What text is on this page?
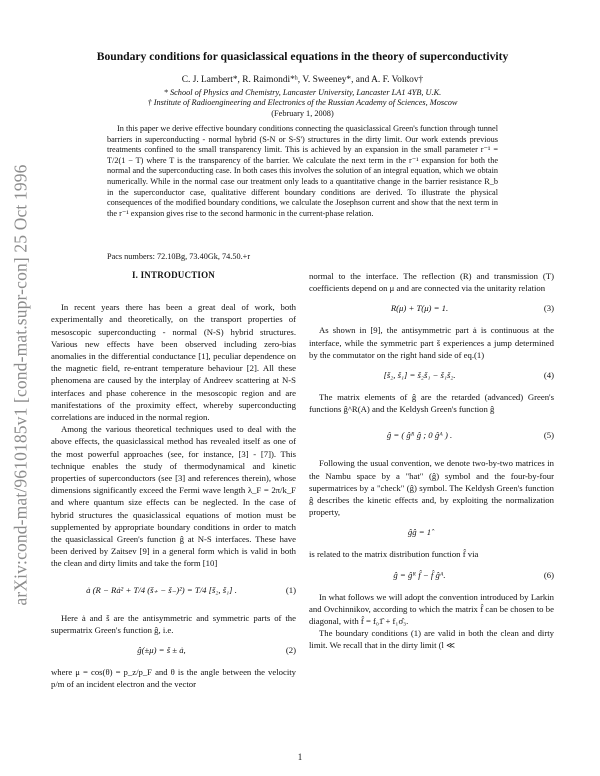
arXiv:cond-mat/9610185v1 [cond-mat.supr-con] 25 Oct 1996
Boundary conditions for quasiclassical equations in the theory of superconductivity
C. J. Lambert*, R. Raimondi*ʰ, V. Sweeney*, and A. F. Volkov†
* School of Physics and Chemistry, Lancaster University, Lancaster LA1 4YB, U.K.
† Institute of Radioengineering and Electronics of the Russian Academy of Sciences, Moscow
(February 1, 2008)

In this paper we derive effective boundary conditions connecting the quasiclassical Green's function through tunnel barriers in superconducting - normal hybrid (S-N or S-S') structures in the dirty limit. Our work extends previous treatments confined to the small transparency limit. This is achieved by an expansion in the small parameter r⁻¹ = T/2(1 − T) where T is the transparency of the barrier. We calculate the next term in the r⁻¹ expansion for both the normal and the superconducting case. In both cases this involves the solution of an integral equation, which we obtain numerically. While in the normal case our treatment only leads to a quantitative change in the barrier resistance R_b in the superconductor case, qualitative different boundary conditions are derived. To illustrate the physical consequences of the modified boundary conditions, we calculate the Josephson current and show that the next term in the r⁻¹ expansion gives rise to the second harmonic in the current-phase relation.

Pacs numbers: 72.10Bg, 73.40Gk, 74.50.+r
I. INTRODUCTION

In recent years there has been a great deal of work, both experimentally and theoretically, on the transport properties of mesoscopic superconducting - normal (N-S) hybrid structures. Various new effects have been observed including zero-bias anomalies in the differential conductance [1], peculiar dependence on the magnetic field, re-entrant temperature behaviour [2]. All these phenomena are caused by the interplay of Andreev scattering at N-S interfaces and phase coherence in the mesoscopic region and are manifestations of the proximity effect, whereby superconducting correlations are induced in the normal region.

Among the various theoretical techniques used to deal with the above effects, the quasiclassical method has revealed itself as one of the most powerful approaches (see, for instance, [3] - [7]). This technique enables the study of thermodynamical and kinetic properties of superconductors (see [3] and references therein), whose dimensions significantly exceed the Fermi wave length λ_F = 2π/k_F and where quantum size effects can be neglected. In the case of hybrid structures the quasiclassical equations of motion must be supplemented by appropriate boundary conditions in order to match the quasiclassical Green's function ĝ at N-S interfaces. These have been derived by Zaitsev [9] in a general form which is valid in both the clean and dirty limits and take the form [10]

ȧ (R − Rȧ² + T/4 (š₊ − š₋)²) = T/4 [š₂, š₁] .	(1)

Here ȧ and š are the antisymmetric and symmetric parts of the supermatrix Green's function ĝ, i.e.

ĝ(±μ) = š ± ȧ,	(2)

where μ = cos(θ) = p_z/p_F and θ is the angle between the velocity p/m of an incident electron and the vector

normal to the interface. The reflection (R) and transmission (T) coefficients depend on μ and are connected via the unitarity relation

R(μ) + T(μ) = 1.	(3)

As shown in [9], the antisymmetric part ȧ is continuous at the interface, while the symmetric part š experiences a jump determined by the commutator on the right hand side of eq.(1)

[š₂, š₁] = š₂š₁ − š₁š₂.	(4)

The matrix elements of ĝ are the retarded (advanced) Green's functions ĝ^R(A) and the Keldysh Green's function ĝ

ĝ = ( ĝᴿ ĝ ; 0 ĝᴬ ) .	(5)

Following the usual convention, we denote two-by-two matrices in the Nambu space by a "hat" (ĝ) symbol and the four-by-four supermatrices by a "check" (ĝ) symbol. The Keldysh Green's function ĝ describes the kinetic effects and, by exploiting the normalization property,

ĝĝ = 1̂

is related to the matrix distribution function f̂ via

ĝ = ĝᴿ f̂ − f̂ ĝᴬ.	(6)

In what follows we will adopt the convention introduced by Larkin and Ovchinnikov, according to which the matrix f̂ can be chosen to be diagonal, with f̂ = f₀1̂ + f₁σ̂₃.

The boundary conditions (1) are valid in both the clean and dirty limit. We recall that in the dirty limit (l ≪

1
